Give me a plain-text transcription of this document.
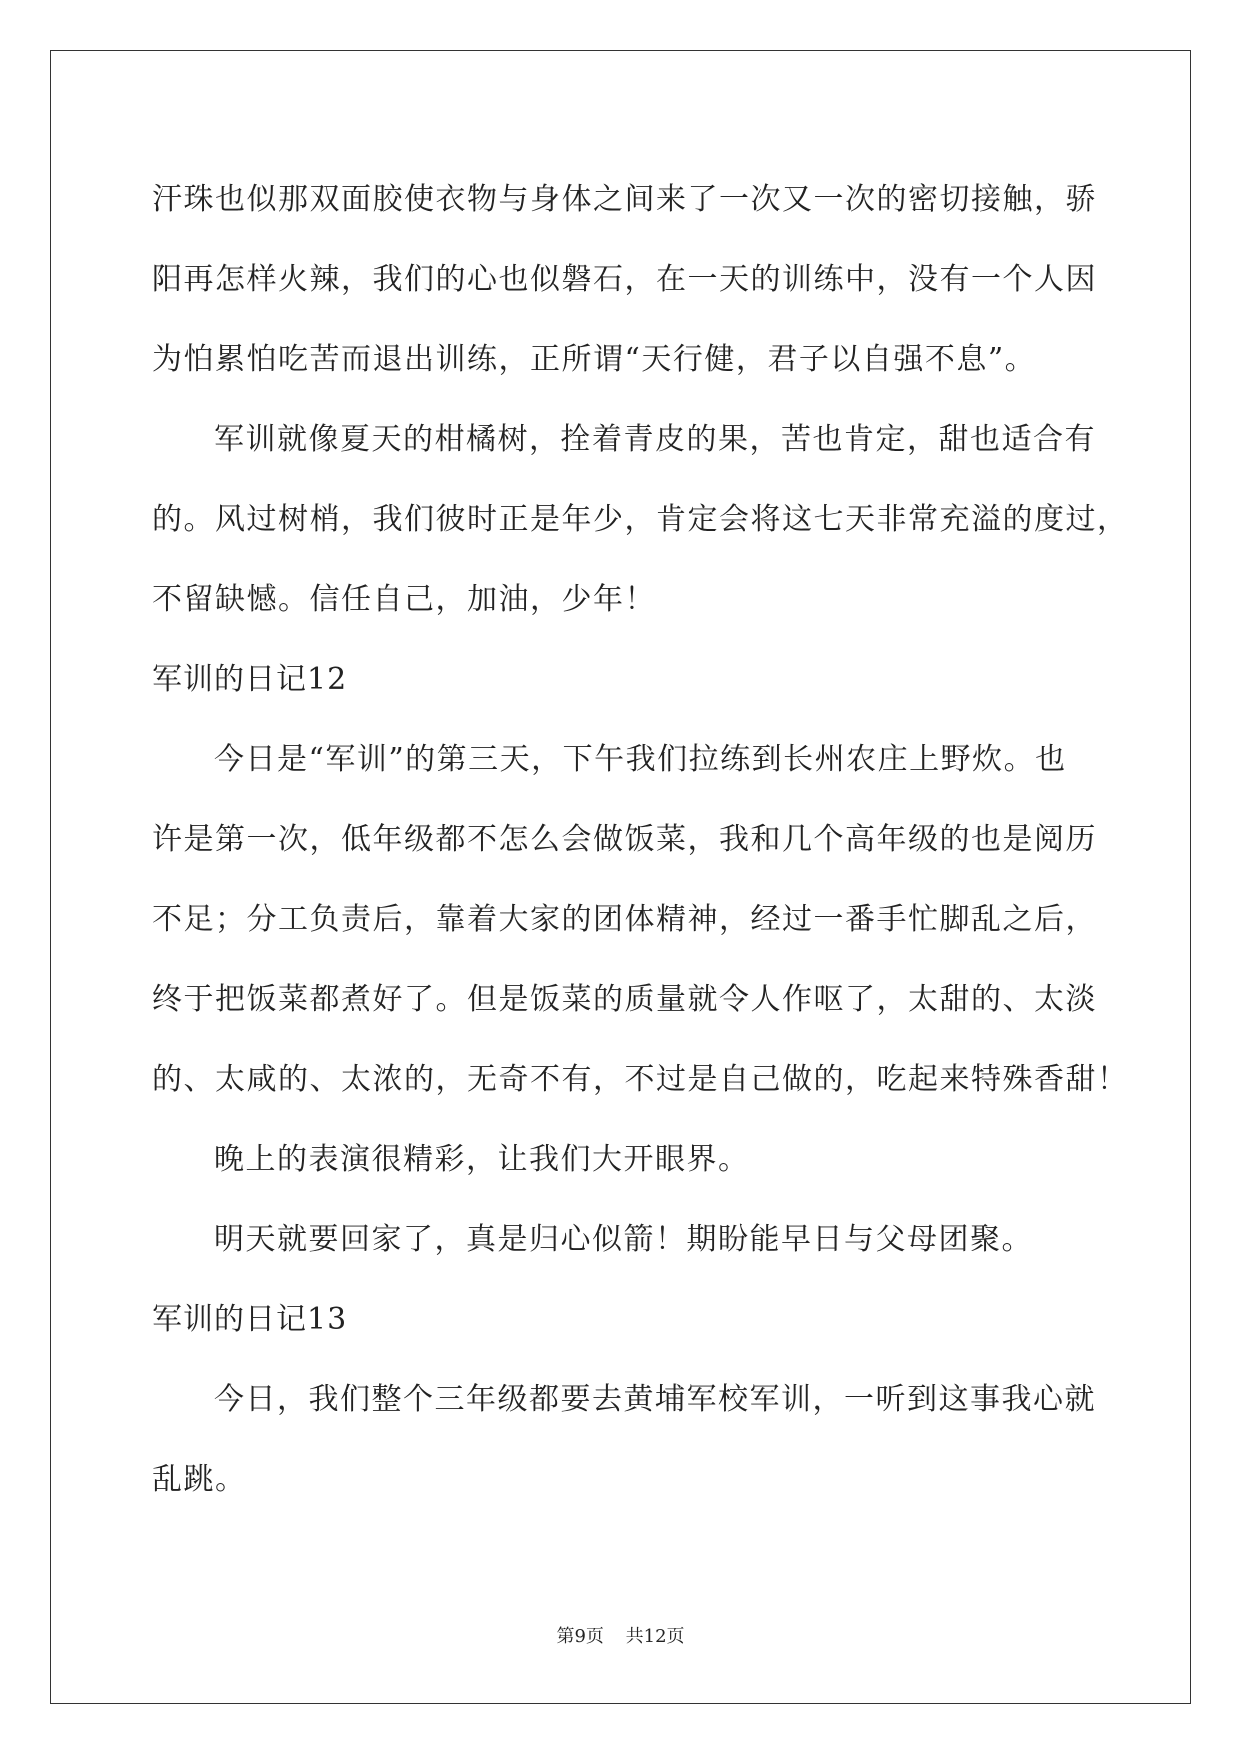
汗珠也似那双面胶使衣物与身体之间来了一次又一次的密切接触，骄
阳再怎样火辣，我们的心也似磐石，在一天的训练中，没有一个人因
为怕累怕吃苦而退出训练，正所谓“天行健，君子以自强不息”。
军训就像夏天的柑橘树，拴着青皮的果，苦也肯定，甜也适合有
的。风过树梢，我们彼时正是年少，肯定会将这七天非常充溢的度过，
不留缺憾。信任自己，加油，少年！
军训的日记12
今日是“军训”的第三天，下午我们拉练到长州农庄上野炊。也
许是第一次，低年级都不怎么会做饭菜，我和几个高年级的也是阅历
不足；分工负责后，靠着大家的团体精神，经过一番手忙脚乱之后，
终于把饭菜都煮好了。但是饭菜的质量就令人作呕了，太甜的、太淡
的、太咸的、太浓的，无奇不有，不过是自己做的，吃起来特殊香甜！
晚上的表演很精彩，让我们大开眼界。
明天就要回家了，真是归心似箭！期盼能早日与父母团聚。
军训的日记13
今日，我们整个三年级都要去黄埔军校军训，一听到这事我心就
乱跳。
第9页 共12页
